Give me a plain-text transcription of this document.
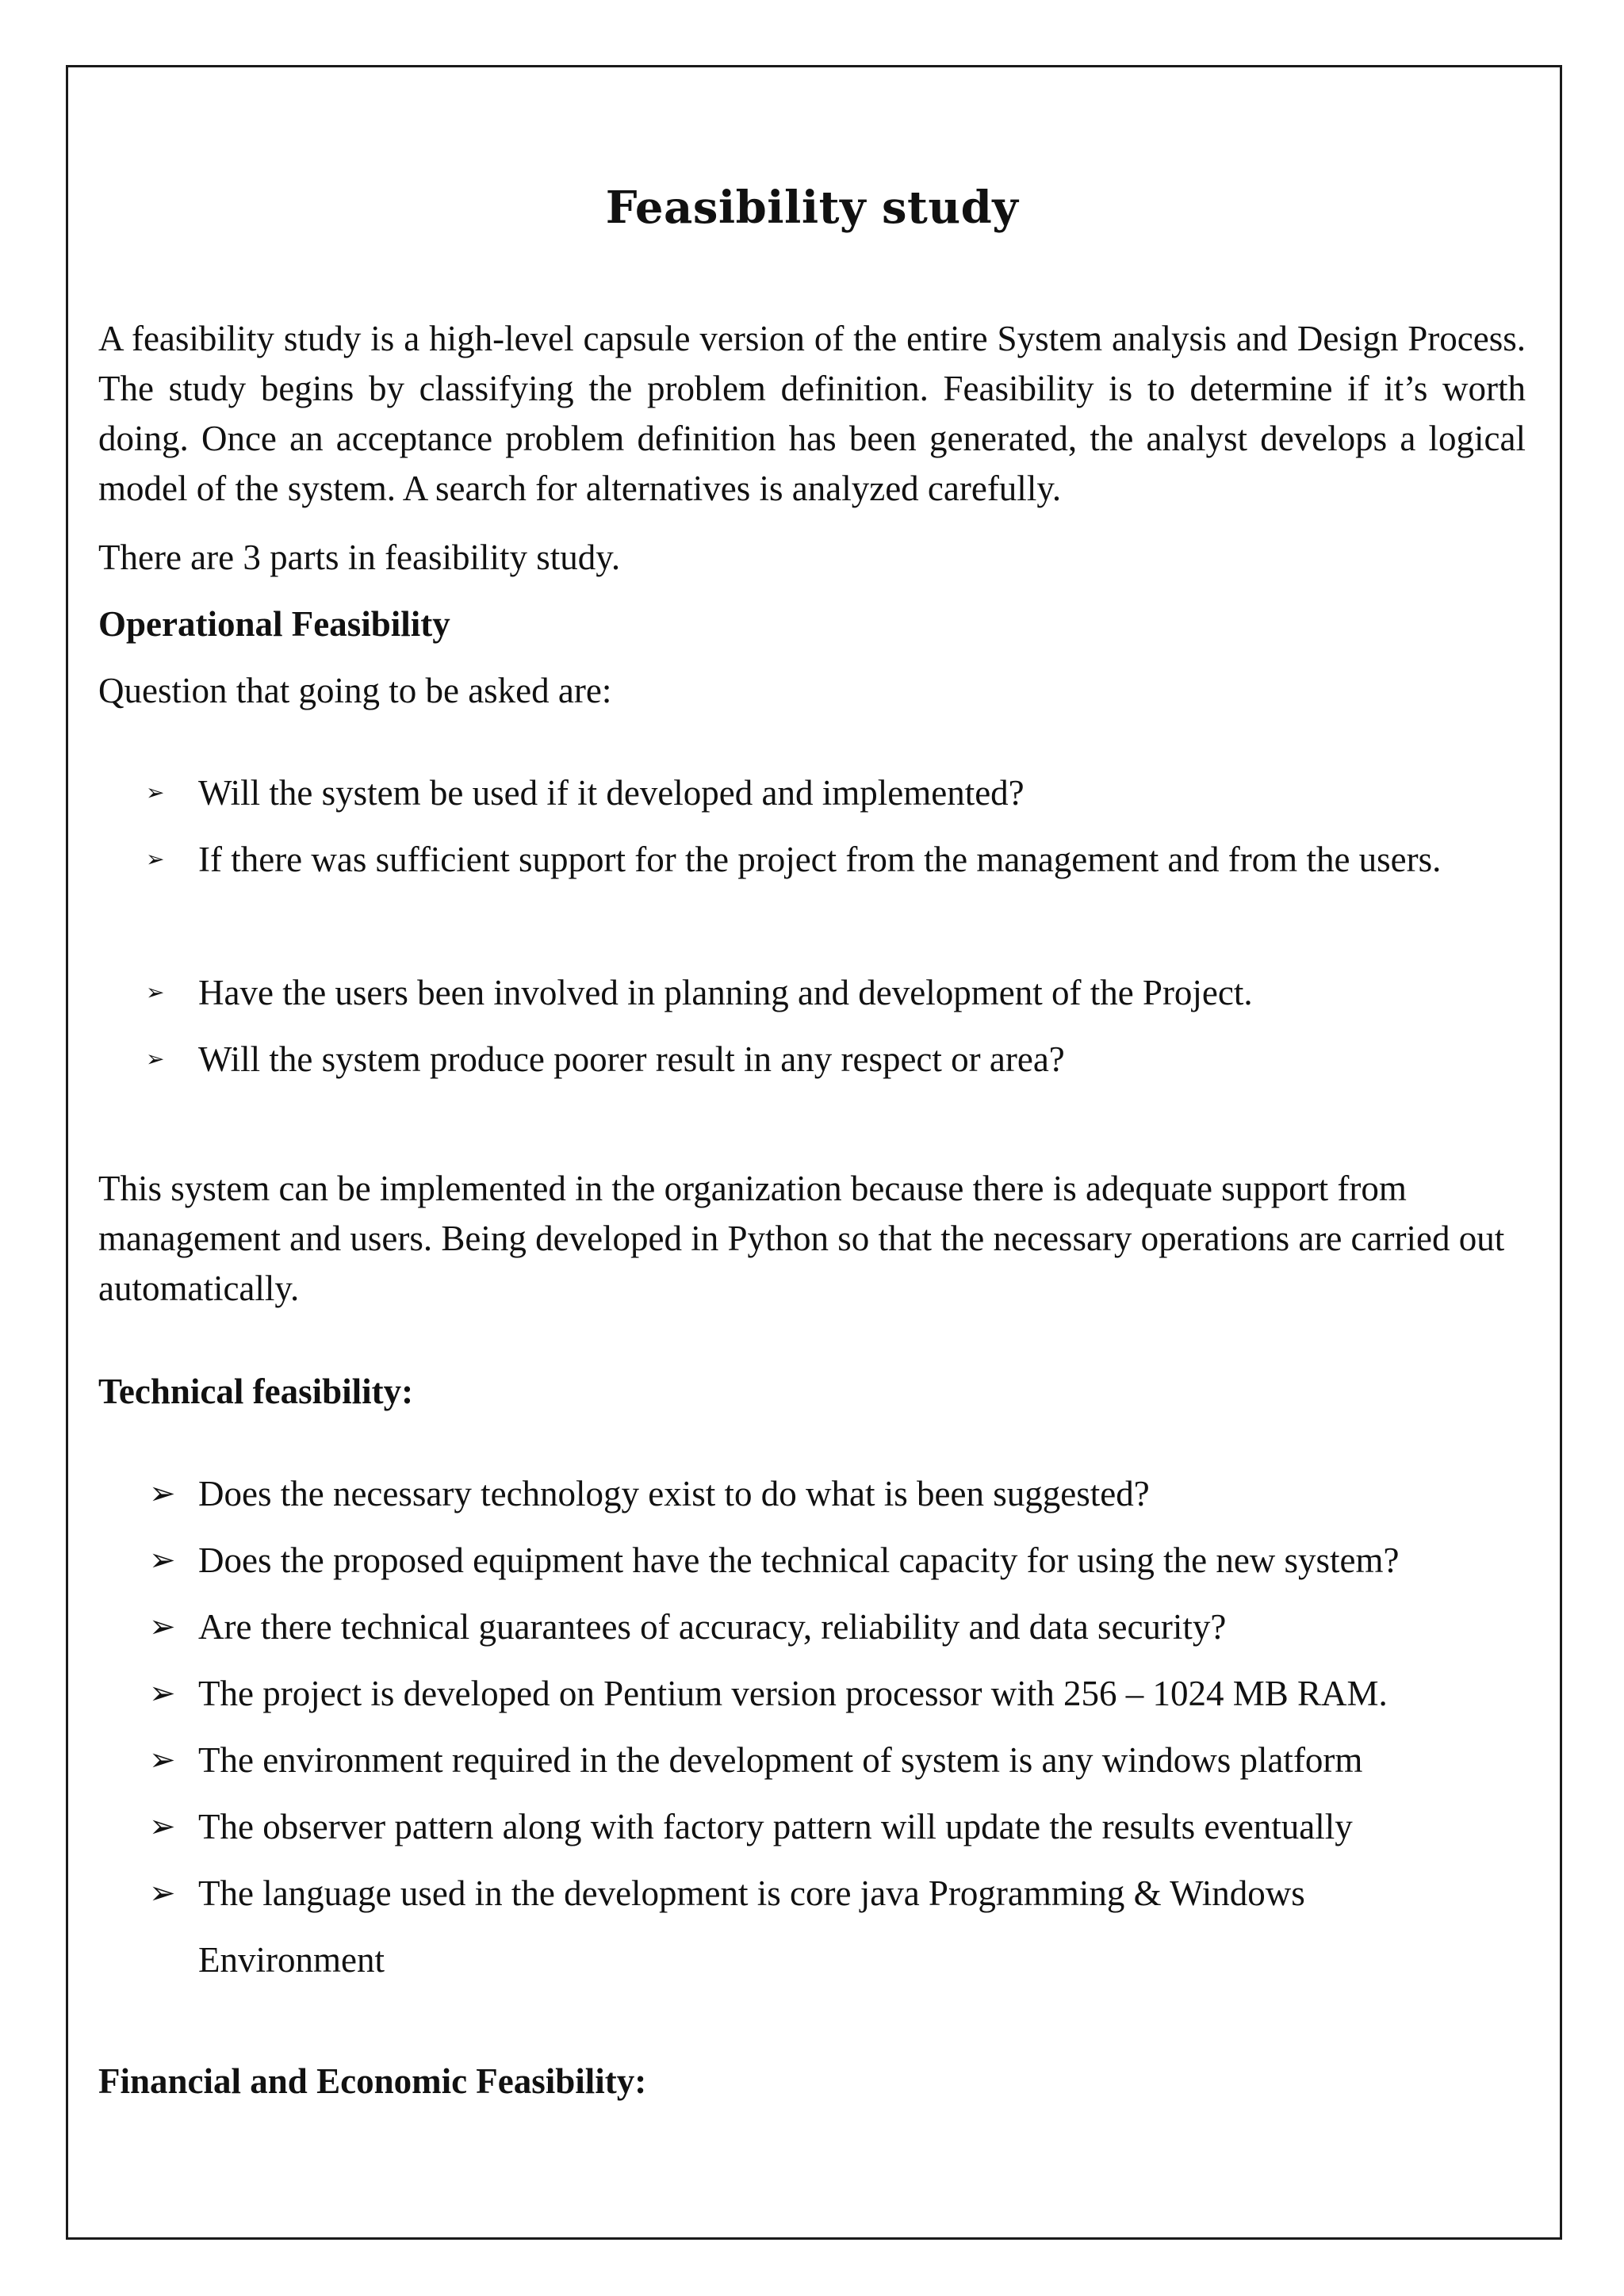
Feasibility study

A feasibility study is a high-level capsule version of the entire System analysis and Design Process. The study begins by classifying the problem definition. Feasibility is to determine if it’s worth doing. Once an acceptance problem definition has been generated, the analyst develops a logical model of the system. A search for alternatives is analyzed carefully.

There are 3 parts in feasibility study.

Operational Feasibility

Question that going to be asked are:

➢ Will the system be used if it developed and implemented?
➢ If there was sufficient support for the project from the management and from the users.
➢ Have the users been involved in planning and development of the Project.
➢ Will the system produce poorer result in any respect or area?

This system can be implemented in the organization because there is adequate support from management and users. Being developed in Python so that the necessary operations are carried out automatically.

Technical feasibility:
➢ Does the necessary technology exist to do what is been suggested?
➢ Does the proposed equipment have the technical capacity for using the new system?
➢ Are there technical guarantees of accuracy, reliability and data security?
➢ The project is developed on Pentium version processor with 256 – 1024 MB RAM.
➢ The environment required in the development of system is any windows platform
➢ The observer pattern along with factory pattern will update the results eventually
➢ The language used in the development is core java Programming & Windows Environment
Financial and Economic Feasibility:
